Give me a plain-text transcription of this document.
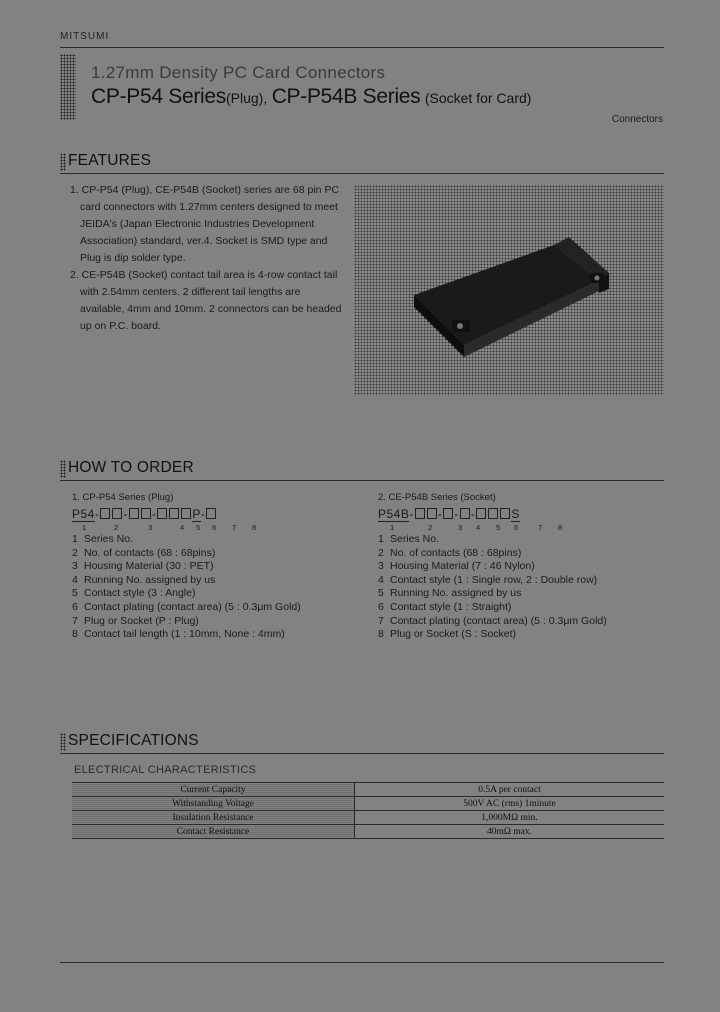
MITSUMI
1.27mm Density PC Card Connectors
CP-P54 Series(Plug), CP-P54B Series (Socket for Card)
Connectors
FEATURES

1. CP-P54 (Plug), CE-P54B (Socket) series are 68 pin PC card connectors with 1.27mm centers designed to meet JEIDA's (Japan Electronic Industries Development Association) standard, ver.4. Socket is SMD type and Plug is dip solder type.

2. CE-P54B (Socket) contact tail area is 4-row contact tail with 2.54mm centers. 2 different tail lengths are available, 4mm and 10mm. 2 connectors can be headed up on P.C. board.

HOW TO ORDER
1. CP-P54 Series (Plug)
P54- - -	P-
1	2	3	4 5 6 7 8
1 Series No.
2 No. of contacts (68 : 68pins)
3 Housing Material (30 : PET)
4 Running No. assigned by us
5 Contact style (3 : Angle)
6 Contact plating (contact area) (5 : 0.3μm Gold)
7 Plug or Socket (P : Plug)
8 Contact tail length (1 : 10mm, None : 4mm)
2. CE-P54B Series (Socket)
P54B- - - -	S
1	2	3 4 5 6	7 8
1 Series No.
2 No. of contacts (68 : 68pins)
3 Housing Material (7 : 46 Nylon)
4 Contact style (1 : Single row, 2 : Double row)
5 Running No. assigned by us
6 Contact style (1 : Straight)
7 Contact plating (contact area) (5 : 0.3μm Gold)
8 Plug or Socket (S : Socket)
SPECIFICATIONS
ELECTRICAL CHARACTERISTICS
Current Capacity	0.5A per contact
Withstanding Voltage	500V AC (rms) 1minute
Insulation Resistance	1,000MΩ min.
Contact Resistance	40mΩ max.
